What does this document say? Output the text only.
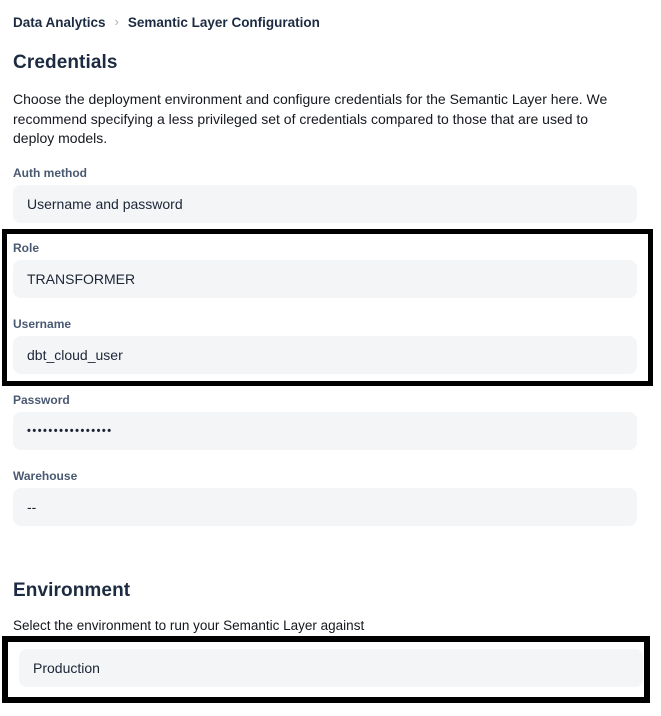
Data Analytics › Semantic Layer Configuration
Credentials

Choose the deployment environment and configure credentials for the Semantic Layer here. We recommend specifying a less privileged set of credentials compared to those that are used to deploy models.

Auth method
Username and password
Role
TRANSFORMER
Username
dbt_cloud_user
Password
••••••••••••••••
Warehouse
--
Environment

Select the environment to run your Semantic Layer against

Production
